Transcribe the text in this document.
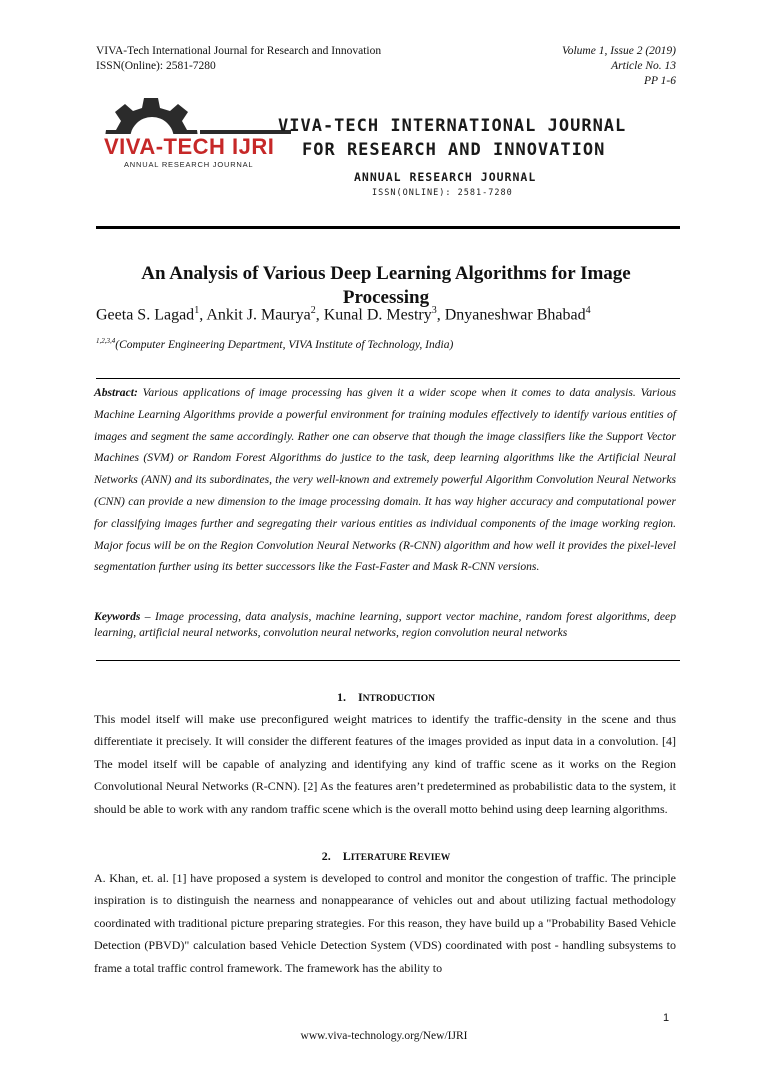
VIVA-Tech International Journal for Research and Innovation
ISSN(Online): 2581-7280
Volume 1, Issue 2 (2019)
Article No. 13
PP 1-6
VIVA-TECH IJRI
ANNUAL RESEARCH JOURNAL
VIVA-TECH INTERNATIONAL JOURNAL
FOR RESEARCH AND INNOVATION
ANNUAL RESEARCH JOURNAL
ISSN(ONLINE): 2581-7280
An Analysis of Various Deep Learning Algorithms for Image Processing
Geeta S. Lagad$^1$, Ankit J. Maurya$^2$, Kunal D. Mestry$^3$, Dnyaneshwar Bhabad$^4$
$^{1,2,3,4}$(Computer Engineering Department, VIVA Institute of Technology, India)
Abstract: Various applications of image processing has given it a wider scope when it comes to data analysis. Various Machine Learning Algorithms provide a powerful environment for training modules effectively to identify various entities of images and segment the same accordingly. Rather one can observe that though the image classifiers like the Support Vector Machines (SVM) or Random Forest Algorithms do justice to the task, deep learning algorithms like the Artificial Neural Networks (ANN) and its subordinates, the very well-known and extremely powerful Algorithm Convolution Neural Networks (CNN) can provide a new dimension to the image processing domain. It has way higher accuracy and computational power for classifying images further and segregating their various entities as individual components of the image working region. Major focus will be on the Region Convolution Neural Networks (R-CNN) algorithm and how well it provides the pixel-level segmentation further using its better successors like the Fast-Faster and Mask R-CNN versions.
Keywords – Image processing, data analysis, machine learning, support vector machine, random forest algorithms, deep learning, artificial neural networks, convolution neural networks, region convolution neural networks
1. INTRODUCTION
This model itself will make use preconfigured weight matrices to identify the traffic-density in the scene and thus differentiate it precisely. It will consider the different features of the images provided as input data in a convolution. [4] The model itself will be capable of analyzing and identifying any kind of traffic scene as it works on the Region Convolutional Neural Networks (R-CNN). [2] As the features aren’t predetermined as probabilistic data to the system, it should be able to work with any random traffic scene which is the overall motto behind using deep learning algorithms.
2. LITERATURE REVIEW
A. Khan, et. al. [1] have proposed a system is developed to control and monitor the congestion of traffic. The principle inspiration is to distinguish the nearness and nonappearance of vehicles out and about utilizing factual methodology coordinated with traditional picture preparing strategies. For this reason, they have build up a "Probability Based Vehicle Detection (PBVD)" calculation based Vehicle Detection System (VDS) coordinated with post - handling subsystems to frame a total traffic control framework. The framework has the ability to
1
www.viva-technology.org/New/IJRI
